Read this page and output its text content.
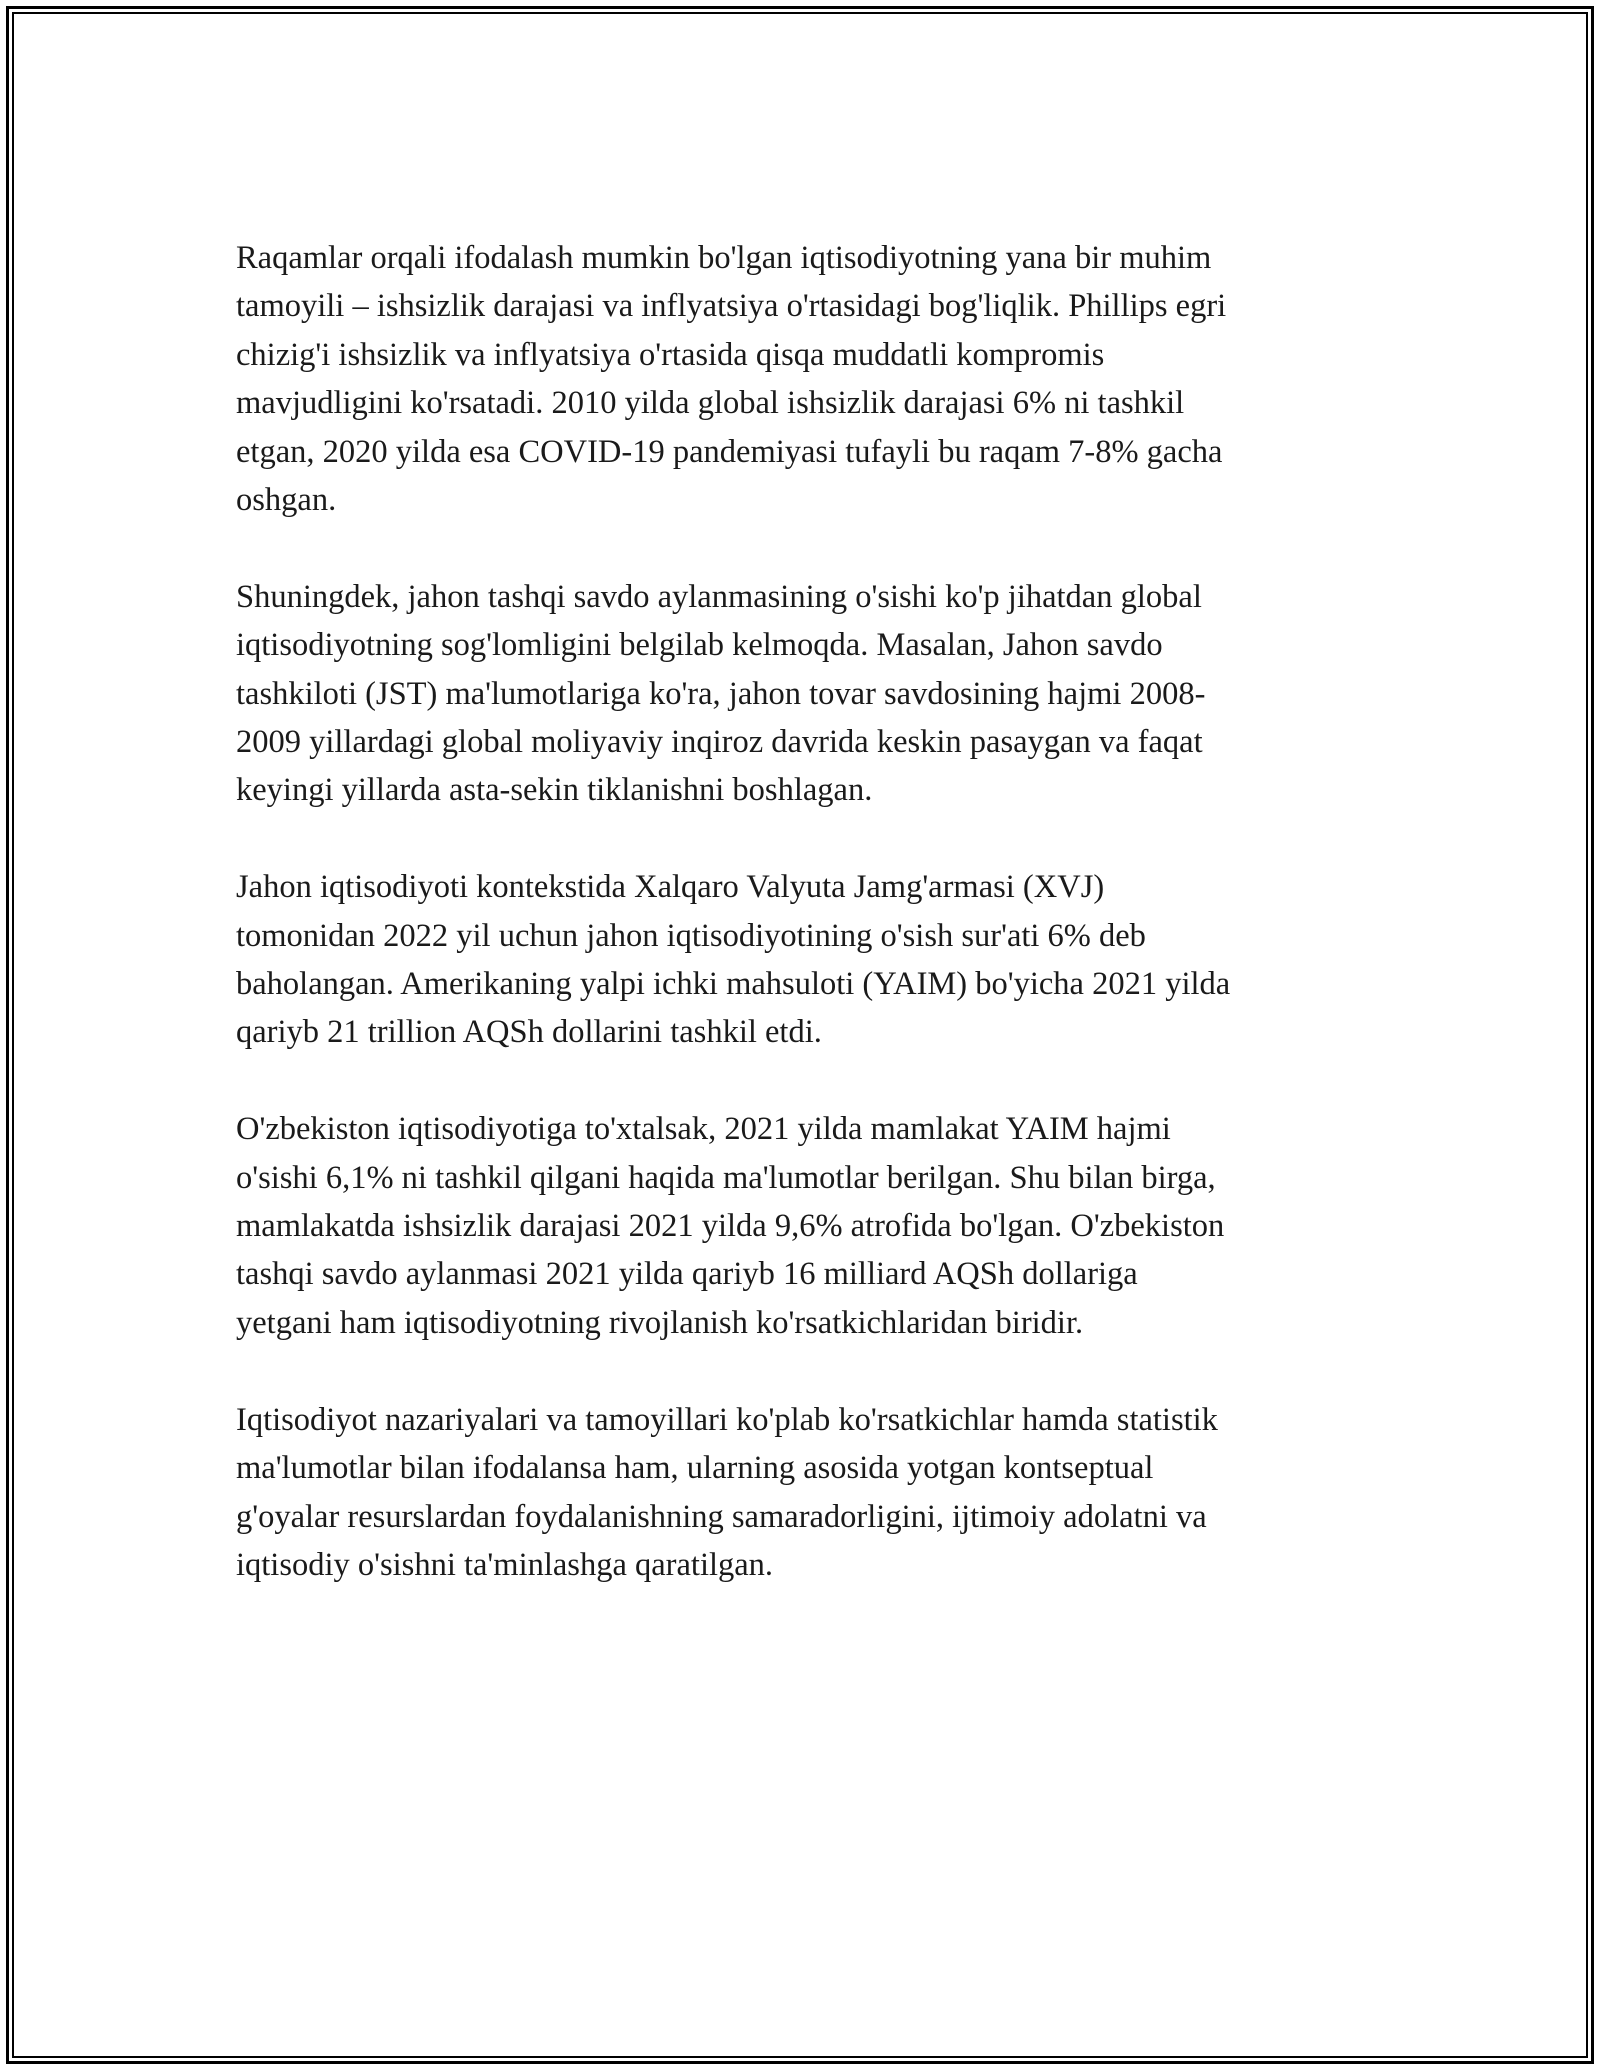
Raqamlar orqali ifodalash mumkin bo'lgan iqtisodiyotning yana bir muhim
tamoyili – ishsizlik darajasi va inflyatsiya o'rtasidagi bog'liqlik. Phillips egri
chizig'i ishsizlik va inflyatsiya o'rtasida qisqa muddatli kompromis
mavjudligini ko'rsatadi. 2010 yilda global ishsizlik darajasi 6% ni tashkil
etgan, 2020 yilda esa COVID-19 pandemiyasi tufayli bu raqam 7-8% gacha
oshgan.

Shuningdek, jahon tashqi savdo aylanmasining o'sishi ko'p jihatdan global
iqtisodiyotning sog'lomligini belgilab kelmoqda. Masalan, Jahon savdo
tashkiloti (JST) ma'lumotlariga ko'ra, jahon tovar savdosining hajmi 2008-
2009 yillardagi global moliyaviy inqiroz davrida keskin pasaygan va faqat
keyingi yillarda asta-sekin tiklanishni boshlagan.

Jahon iqtisodiyoti kontekstida Xalqaro Valyuta Jamg'armasi (XVJ)
tomonidan 2022 yil uchun jahon iqtisodiyotining o'sish sur'ati 6% deb
baholangan. Amerikaning yalpi ichki mahsuloti (YAIM) bo'yicha 2021 yilda
qariyb 21 trillion AQSh dollarini tashkil etdi.

O'zbekiston iqtisodiyotiga to'xtalsak, 2021 yilda mamlakat YAIM hajmi
o'sishi 6,1% ni tashkil qilgani haqida ma'lumotlar berilgan. Shu bilan birga,
mamlakatda ishsizlik darajasi 2021 yilda 9,6% atrofida bo'lgan. O'zbekiston
tashqi savdo aylanmasi 2021 yilda qariyb 16 milliard AQSh dollariga
yetgani ham iqtisodiyotning rivojlanish ko'rsatkichlaridan biridir.

Iqtisodiyot nazariyalari va tamoyillari ko'plab ko'rsatkichlar hamda statistik
ma'lumotlar bilan ifodalansa ham, ularning asosida yotgan kontseptual
g'oyalar resurslardan foydalanishning samaradorligini, ijtimoiy adolatni va
iqtisodiy o'sishni ta'minlashga qaratilgan.
